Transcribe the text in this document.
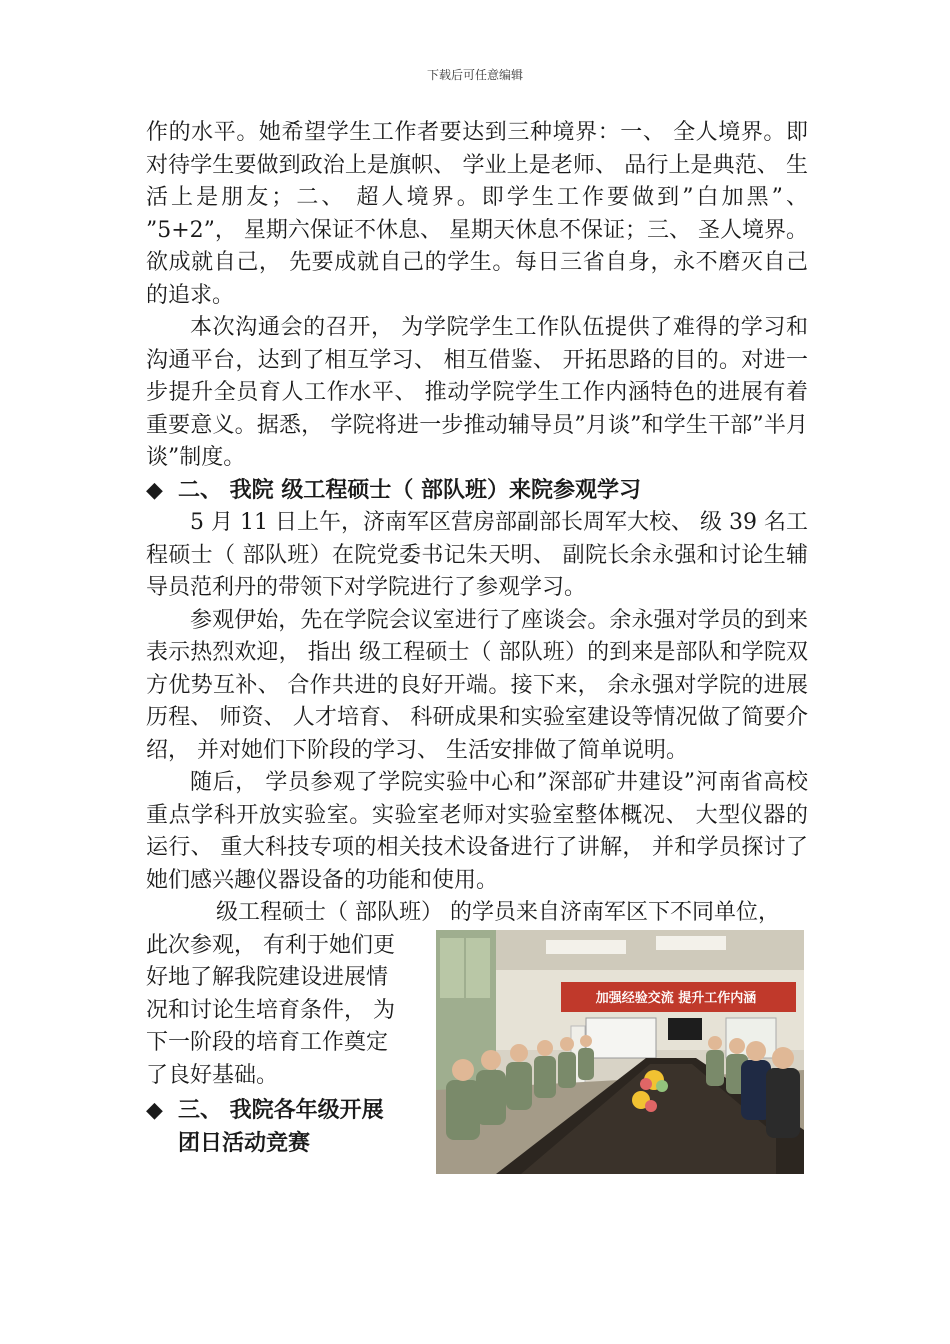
下载后可任意编辑

作的水平。她希望学生工作者要达到三种境界：一、 全人境界。即对待学生要做到政治上是旗帜、 学业上是老师、 品行上是典范、 生活上是朋友；二、 超人境界。即学生工作要做到”白加黑”、 ”5+2”， 星期六保证不休息、 星期天休息不保证；三、 圣人境界。欲成就自己， 先要成就自己的学生。每日三省自身，永不磨灭自己的追求。

本次沟通会的召开， 为学院学生工作队伍提供了难得的学习和沟通平台，达到了相互学习、 相互借鉴、 开拓思路的目的。对进一步提升全员育人工作水平、 推动学院学生工作内涵特色的进展有着重要意义。据悉， 学院将进一步推动辅导员”月谈”和学生干部”半月谈”制度。

◆ 二、 我院 级工程硕士（ 部队班）来院参观学习

5 月 11 日上午，济南军区营房部副部长周军大校、 级 39 名工程硕士（ 部队班）在院党委书记朱天明、 副院长余永强和讨论生辅导员范利丹的带领下对学院进行了参观学习。

参观伊始，先在学院会议室进行了座谈会。余永强对学员的到来表示热烈欢迎， 指出 级工程硕士（ 部队班）的到来是部队和学院双方优势互补、 合作共进的良好开端。接下来， 余永强对学院的进展历程、 师资、 人才培育、 科研成果和实验室建设等情况做了简要介绍， 并对她们下阶段的学习、 生活安排做了简单说明。

随后， 学员参观了学院实验中心和”深部矿井建设”河南省高校重点学科开放实验室。实验室老师对实验室整体概况、 大型仪器的运行、 重大科技专项的相关技术设备进行了讲解， 并和学员探讨了她们感兴趣仪器设备的功能和使用。

级工程硕士（ 部队班） 的学员来自济南军区下不同单位，

加强经验交流 提升工作内涵

此次参观， 有利于她们更

好地了解我院建设进展情

况和讨论生培育条件， 为

下一阶段的培育工作奠定

了良好基础。

◆ 三、 我院各年级开展

团日活动竞赛
